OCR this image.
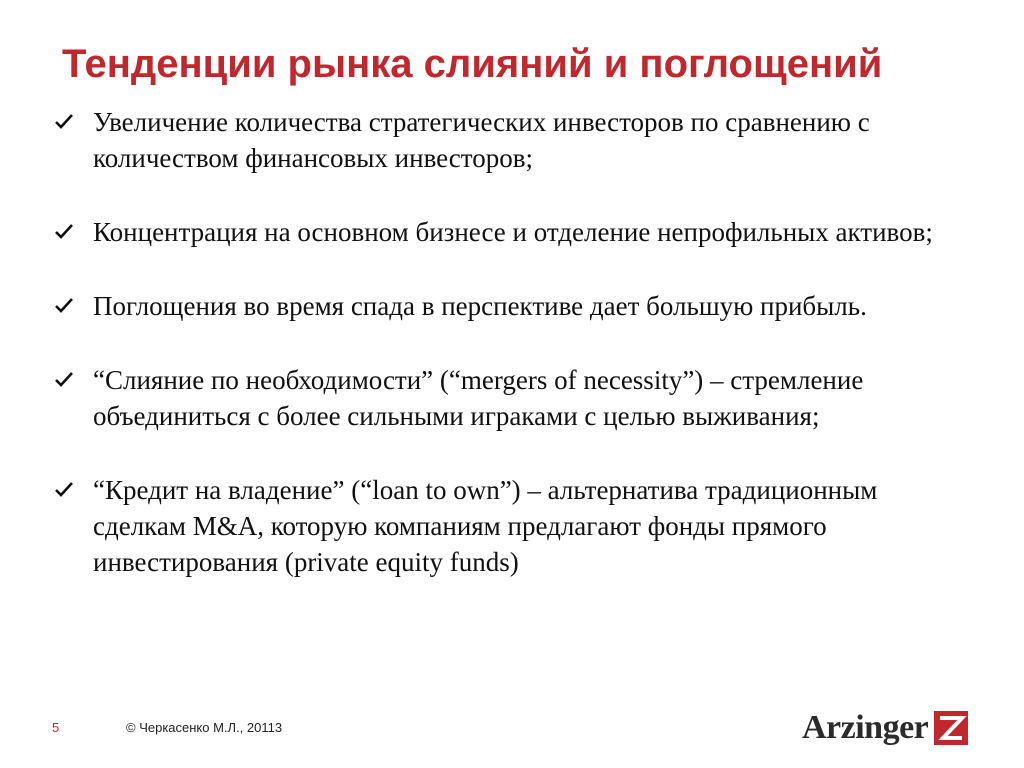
Тенденции рынка слияний и поглощений
Увеличение количества стратегических инвесторов по сравнению с количеством финансовых инвесторов;
Концентрация на основном бизнесе и отделение непрофильных активов;
Поглощения во время спада в перспективе дает большую прибыль.
“Слияние по необходимости” (“mergers of necessity”) – стремление объединиться с более сильными играками с целью выживания;
“Кредит на владение” (“loan to own”) – альтернатива традиционным сделкам M&A, которую компаниям предлагают фонды прямого инвестирования (private equity funds)
5	© Черкасенко М.Л., 20113	Arzinger
